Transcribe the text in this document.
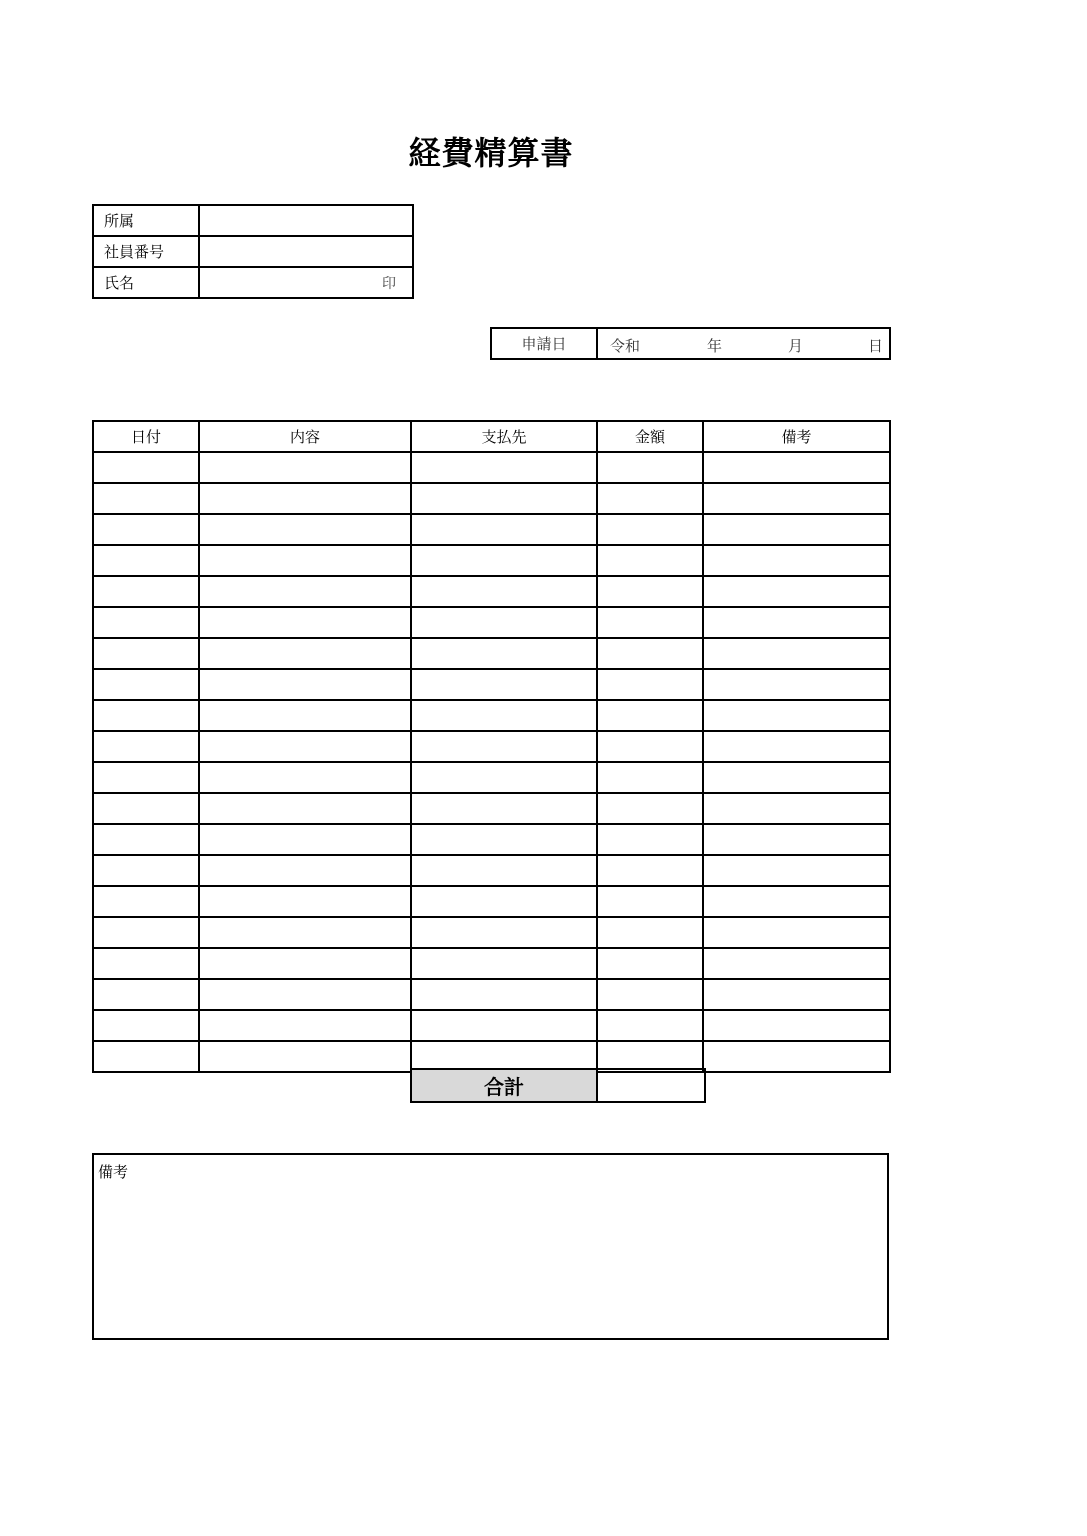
経費精算書
所属	
社員番号	
氏名	印
申請日	令和	年	月	日
日付	内容	支払先	金額	備考

合計	
備考
